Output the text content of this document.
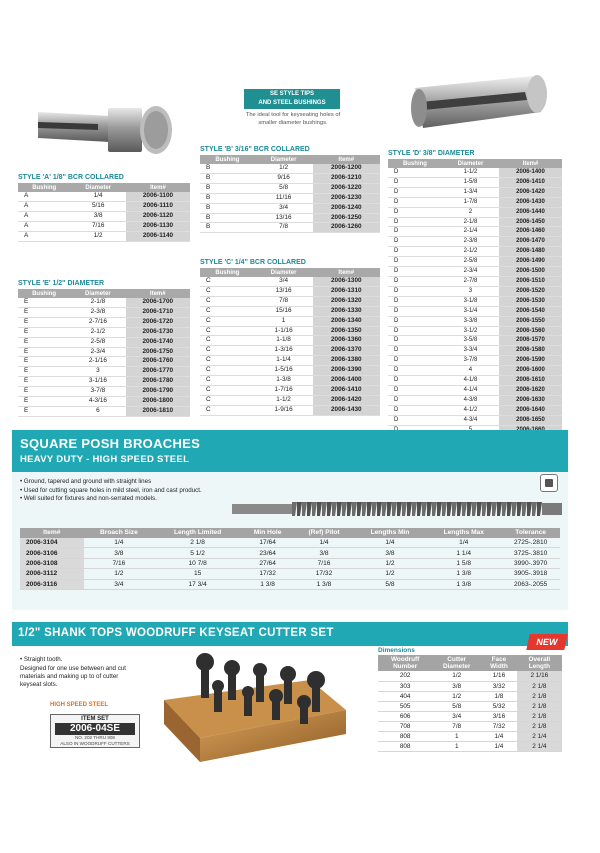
SE STYLE TIPS
AND STEEL BUSHINGS
The ideal tool for keyseating holes of
smaller diameter bushings.
STYLE 'A' 1/8" BCR COLLARED
Bushing	Diameter	Item#
A	1/4	2006-1100
A	5/16	2006-1110
A	3/8	2006-1120
A	7/16	2006-1130
A	1/2	2006-1140
STYLE 'B' 3/16" BCR COLLARED
Bushing	Diameter	Item#
B	1/2	2006-1200
B	9/16	2006-1210
B	5/8	2006-1220
B	11/16	2006-1230
B	3/4	2006-1240
B	13/16	2006-1250
B	7/8	2006-1260
STYLE 'C' 1/4" BCR COLLARED
Bushing	Diameter	Item#
C	3/4	2006-1300
C	13/16	2006-1310
C	7/8	2006-1320
C	15/16	2006-1330
C	1	2006-1340
C	1-1/16	2006-1350
C	1-1/8	2006-1360
C	1-3/16	2006-1370
C	1-1/4	2006-1380
C	1-5/16	2006-1390
C	1-3/8	2006-1400
C	1-7/16	2006-1410
C	1-1/2	2006-1420
C	1-9/16	2006-1430
STYLE 'D' 3/8" DIAMETER
Bushing	Diameter	Item#
D	1-1/2	2006-1400
D	1-5/8	2006-1410
D	1-3/4	2006-1420
D	1-7/8	2006-1430
D	2	2006-1440
D	2-1/8	2006-1450
D	2-1/4	2006-1460
D	2-3/8	2006-1470
D	2-1/2	2006-1480
D	2-5/8	2006-1490
D	2-3/4	2006-1500
D	2-7/8	2006-1510
D	3	2006-1520
D	3-1/8	2006-1530
D	3-1/4	2006-1540
D	3-3/8	2006-1550
D	3-1/2	2006-1560
D	3-5/8	2006-1570
D	3-3/4	2006-1580
D	3-7/8	2006-1590
D	4	2006-1600
D	4-1/8	2006-1610
D	4-1/4	2006-1620
D	4-3/8	2006-1630
D	4-1/2	2006-1640
D	4-3/4	2006-1650

STYLE 'E' 1/2" DIAMETER
Bushing	Diameter	Item#
E	2-1/8	2006-1700
E	2-3/8	2006-1710
E	2-7/16	2006-1720
E	2-1/2	2006-1730
E	2-5/8	2006-1740
E	2-3/4	2006-1750
E	2-1/16	2006-1760
E	3	2006-1770
E	3-1/16	2006-1780
E	3-7/8	2006-1790
E	4-3/16	2006-1800
E	6	2006-1810
SQUARE POSH BROACHES
HEAVY DUTY - HIGH SPEED STEEL
• Ground, tapered and ground with straight lines
• Used for cutting square holes in mild steel, iron and cast product.
• Well suited for fixtures and non-serrated models.
Item#	Broach Size	Length Limited	Min Hole	(Ref) Pilot	Lengths Min	Lengths Max	Tolerance
2006-3104	1/4	2 1/8	17/64	1/4	1/4	1/4	2725-.2810
2006-3106	3/8	5 1/2	23/64	3/8	3/8	1 1/4	3725-.3810
2006-3108	7/16	10 7/8	27/64	7/16	1/2	1 5/8	3990-.3970
2006-3112	1/2	15	17/32	17/32	1/2	1 3/8	3905-.3918
2006-3116	3/4	17 3/4	1 3/8	1 3/8	5/8	1 3/8	2063-.2055
1/2" SHANK TOPS WOODRUFF KEYSEAT CUTTER SET
NEW
• Straight tooth.
Designed for one use between and cut
materials and making up to of cutter
keyseat slots.
HIGH SPEED STEEL
ITEM SET
2006-04SE
NO. 202 THRU 808
ALSO IN WOODRUFF CUTTERS
Dimensions
Woodruff Number	Cutter Diameter	Face Width	Overall Length
202	1/2	1/16	2 1/16
303	3/8	3/32	2 1/8
404	1/2	1/8	2 1/8
505	5/8	5/32	2 1/8
606	3/4	3/16	2 1/8
708	7/8	7/32	2 1/8
808	1	1/4	2 1/4
808	1	1/4	2 1/4
